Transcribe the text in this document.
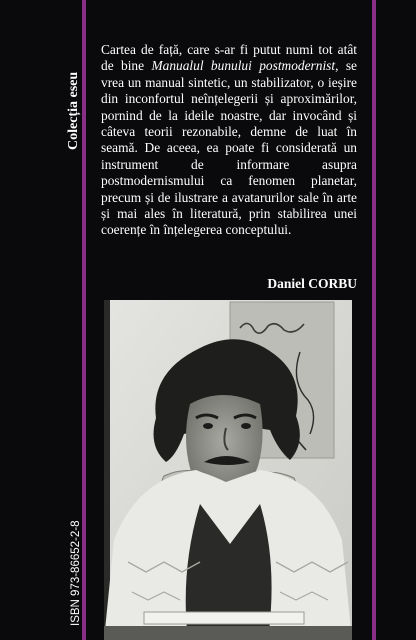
Colecția eseu
ISBN 973-86652-2-8
Cartea de față, care s-ar fi putut numi tot atât de bine Manualul bunului postmodernist, se vrea un manual sintetic, un stabilizator, o ieșire din inconfortul neînțelegerii și aproximărilor, pornind de la ideile noastre, dar invocând și câteva teorii rezonabile, demne de luat în seamă. De aceea, ea poate fi considerată un instrument de informare asupra postmodernismului ca fenomen planetar, precum și de ilustrare a avatarurilor sale în arte și mai ales în literatură, prin stabilirea unei coerențe în înțelegerea conceptului.
Daniel CORBU
